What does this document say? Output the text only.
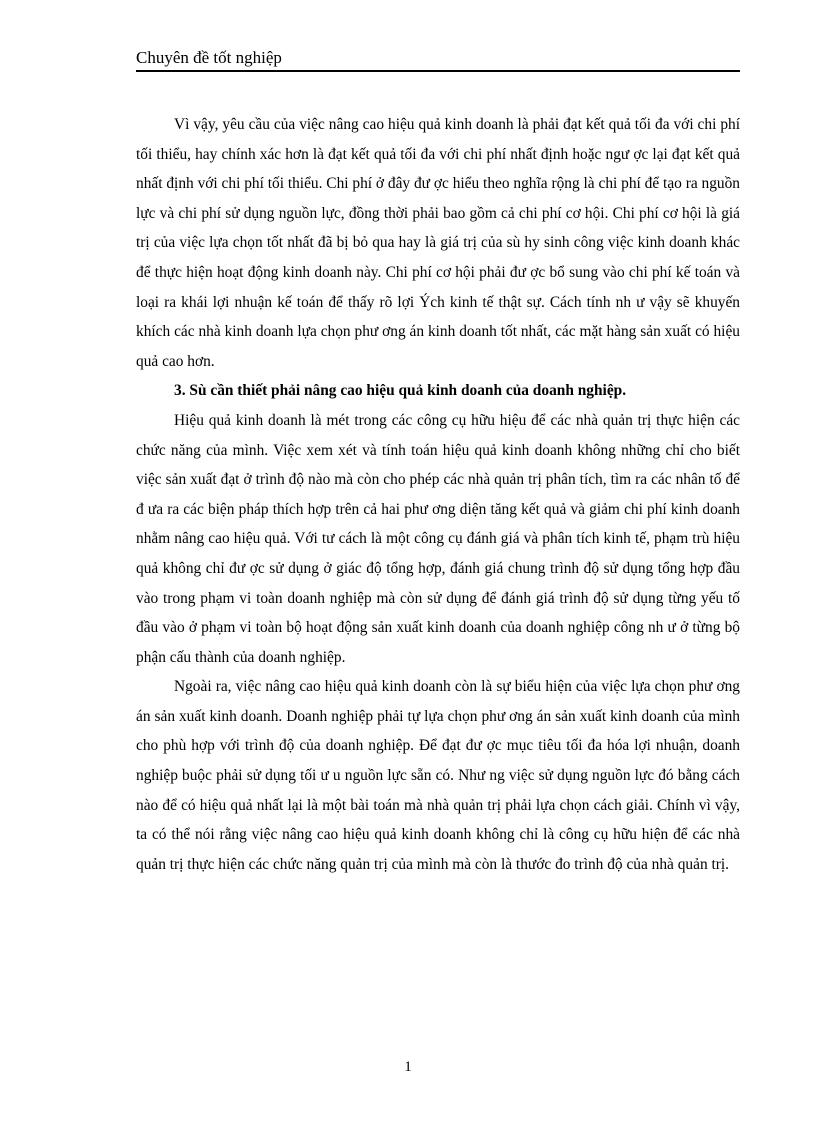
Chuyên đề tốt nghiệp

Vì vậy, yêu cầu của việc nâng cao hiệu quả kinh doanh là phải đạt kết quả tối đa với chi phí tối thiểu, hay chính xác hơn là đạt kết quả tối đa với chi phí nhất định hoặc ngư ợc lại đạt kết quả nhất định với chi phí tối thiểu. Chi phí ở đây đư ợc hiểu theo nghĩa rộng là chi phí để tạo ra nguồn lực và chi phí sử dụng nguồn lực, đồng thời phải bao gồm cả chi phí cơ hội. Chi phí cơ hội là giá trị của việc lựa chọn tốt nhất đã bị bỏ qua hay là giá trị của sù hy sinh công việc kinh doanh khác để thực hiện hoạt động kinh doanh này. Chi phí cơ hội phải đư ợc bổ sung vào chi phí kế toán và loại ra khái lợi nhuận kế toán để thấy rõ lợi Ých kinh tế thật sự. Cách tính nh ư vậy sẽ khuyến khích các nhà kinh doanh lựa chọn phư ơng án kinh doanh tốt nhất, các mặt hàng sản xuất có hiệu quả cao hơn.

3. Sù cần thiết phải nâng cao hiệu quả kinh doanh của doanh nghiệp.

Hiệu quả kinh doanh là mét trong các công cụ hữu hiệu để các nhà quản trị thực hiện các chức năng của mình. Việc xem xét và tính toán hiệu quả kinh doanh không những chỉ cho biết việc sản xuất đạt ở trình độ nào mà còn cho phép các nhà quản trị phân tích, tìm ra các nhân tố để đ ưa ra các biện pháp thích hợp trên cả hai phư ơng diện tăng kết quả và giảm chi phí kinh doanh nhằm nâng cao hiệu quả. Với tư cách là một công cụ đánh giá và phân tích kinh tế, phạm trù hiệu quả không chỉ đư ợc sử dụng ở giác độ tổng hợp, đánh giá chung trình độ sử dụng tổng hợp đầu vào trong phạm vi toàn doanh nghiệp mà còn sử dụng để đánh giá trình độ sử dụng từng yếu tố đầu vào ở phạm vi toàn bộ hoạt động sản xuất kinh doanh của doanh nghiệp công nh ư ở từng bộ phận cấu thành của doanh nghiệp.

Ngoài ra, việc nâng cao hiệu quả kinh doanh còn là sự biểu hiện của việc lựa chọn phư ơng án sản xuất kinh doanh. Doanh nghiệp phải tự lựa chọn phư ơng án sản xuất kinh doanh của mình cho phù hợp với trình độ của doanh nghiệp. Để đạt đư ợc mục tiêu tối đa hóa lợi nhuận, doanh nghiệp buộc phải sử dụng tối ư u nguồn lực sẵn có. Như ng việc sử dụng nguồn lực đó bằng cách nào để có hiệu quả nhất lại là một bài toán mà nhà quản trị phải lựa chọn cách giải. Chính vì vậy, ta có thể nói rằng việc nâng cao hiệu quả kinh doanh không chỉ là công cụ hữu hiện để các nhà quản trị thực hiện các chức năng quản trị của mình mà còn là thước đo trình độ của nhà quản trị.

1
